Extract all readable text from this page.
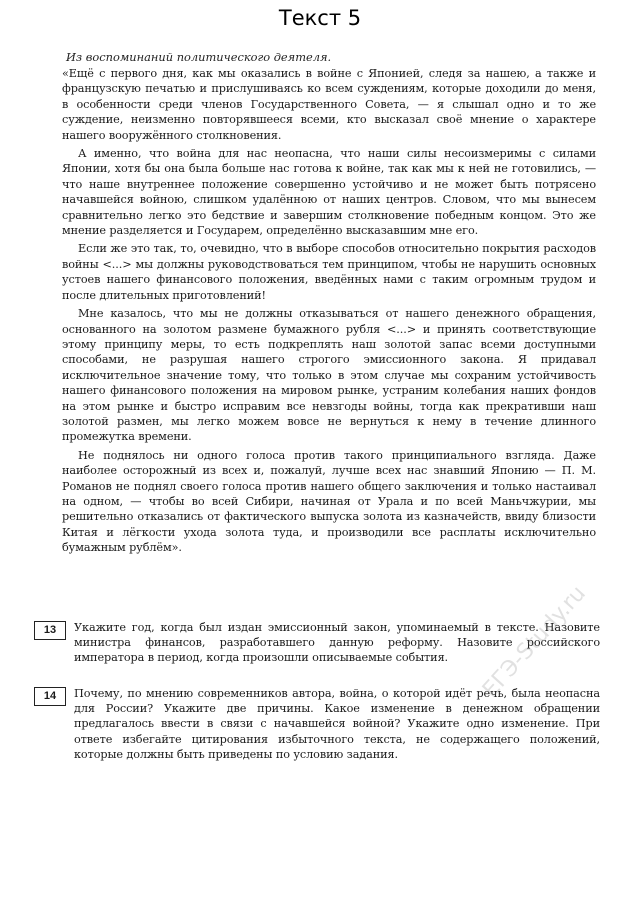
Текст 5
Из воспоминаний политического деятеля.

«Ещё с первого дня, как мы оказались в войне с Японией, следя за нашею, а также и французскую печатью и прислушиваясь ко всем суждениям, которые доходили до меня, в особенности среди членов Государственного Совета, — я слышал одно и то же суждение, неизменно повторявшееся всеми, кто высказал своё мнение о характере нашего вооружённого столкновения.

А именно, что война для нас неопасна, что наши силы несоизмеримы с силами Японии, хотя бы она была больше нас готова к войне, так как мы к ней не готовились, — что наше внутреннее положение совершенно устойчиво и не может быть потрясено начавшейся войною, слишком удалённою от наших центров. Словом, что мы вынесем сравнительно легко это бедствие и завершим столкновение победным концом. Это же мнение разделяется и Государем, определённо высказавшим мне его.

Если же это так, то, очевидно, что в выборе способов относительно покрытия расходов войны <...> мы должны руководствоваться тем принципом, чтобы не нарушить основных устоев нашего финансового положения, введённых нами с таким огромным трудом и после длительных приготовлений!

Мне казалось, что мы не должны отказываться от нашего денежного обращения, основанного на золотом размене бумажного рубля <...> и принять соответствующие этому принципу меры, то есть подкреплять наш золотой запас всеми доступными способами, не разрушая нашего строгого эмиссионного закона. Я придавал исключительное значение тому, что только в этом случае мы сохраним устойчивость нашего финансового положения на мировом рынке, устраним колебания наших фондов на этом рынке и быстро исправим все невзгоды войны, тогда как прекративши наш золотой размен, мы легко можем вовсе не вернуться к нему в течение длинного промежутка времени.

Не поднялось ни одного голоса против такого принципиального взгляда. Даже наиболее осторожный из всех и, пожалуй, лучше всех нас знавший Японию — П. М. Романов не поднял своего голоса против нашего общего заключения и только настаивал на одном, — чтобы во всей Сибири, начиная от Урала и по всей Маньчжурии, мы решительно отказались от фактического выпуска золота из казначейств, ввиду близости Китая и лёгкости ухода золота туда, и производили все расплаты исключительно бумажным рублём».

13	Укажите год, когда был издан эмиссионный закон, упоминаемый в тексте. Назовите министра финансов, разработавшего данную реформу. Назовите российского императора в период, когда произошли описываемые события.
14	Почему, по мнению современников автора, война, о которой идёт речь, была неопасна для России? Укажите две причины. Какое изменение в денежном обращении предлагалось ввести в связи с начавшейся войной? Укажите одно изменение. При ответе избегайте цитирования избыточного текста, не содержащего положений, которые должны быть приведены по условию задания.
ЕГЭ-Study.ru
